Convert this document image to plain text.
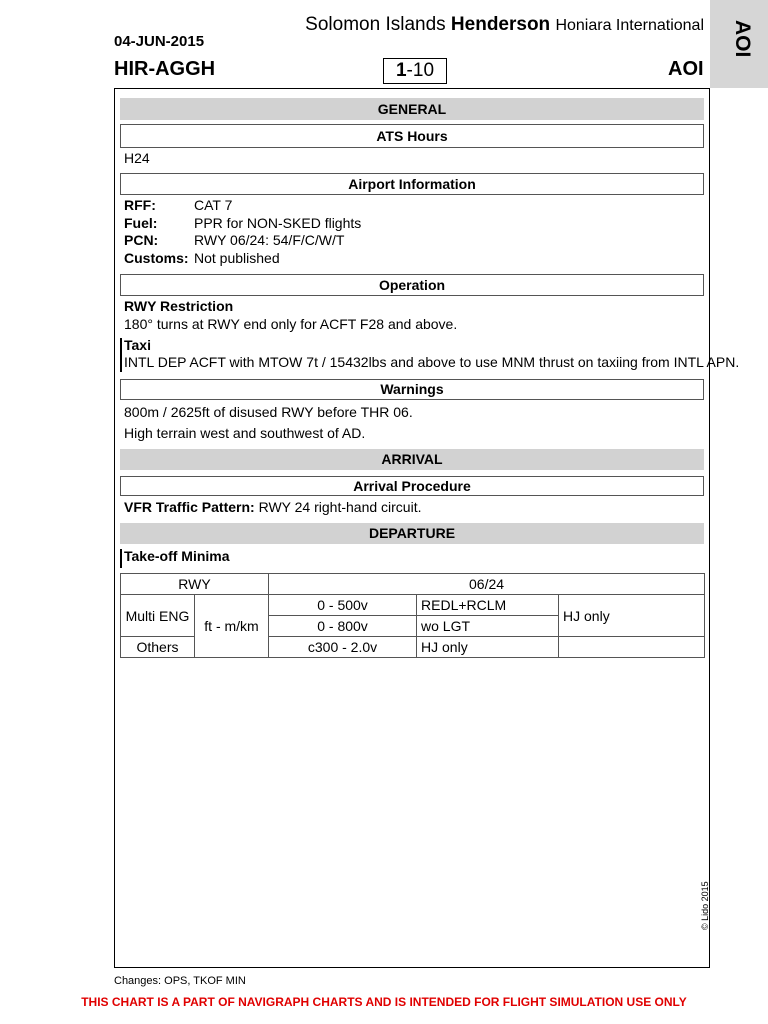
04-JUN-2015
HIR-AGGH
Solomon Islands Henderson Honiara International
1-10	AOI
AOI
GENERAL
ATS Hours
H24
Airport Information
RFF:	CAT 7
Fuel:	PPR for NON-SKED flights
PCN:	RWY 06/24: 54/F/C/W/T
Customs: Not published
Operation
RWY Restriction
180° turns at RWY end only for ACFT F28 and above.
Taxi
INTL DEP ACFT with MTOW 7t / 15432lbs and above to use MNM thrust on taxiing from INTL APN.
Warnings
800m / 2625ft of disused RWY before THR 06.
High terrain west and southwest of AD.
ARRIVAL
Arrival Procedure
VFR Traffic Pattern: RWY 24 right-hand circuit.
DEPARTURE
Take-off Minima
RWY		06/24		
Multi ENG	ft - m/km	0 - 500v	REDL+RCLM	HJ only
		0 - 800v	wo LGT	
Others		c300 - 2.0v	HJ only	
© Lido 2015
Changes: OPS, TKOF MIN
THIS CHART IS A PART OF NAVIGRAPH CHARTS AND IS INTENDED FOR FLIGHT SIMULATION USE ONLY
